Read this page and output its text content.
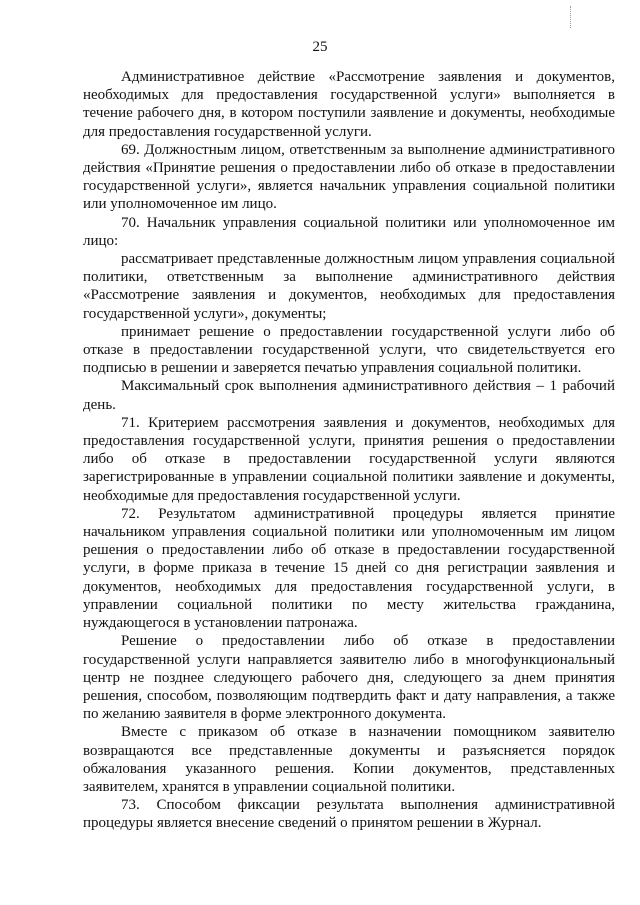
25

Административное действие «Рассмотрение заявления и документов, необходимых для предоставления государственной услуги» выполняется в течение рабочего дня, в котором поступили заявление и документы, необходимые для предоставления государственной услуги.

69. Должностным лицом, ответственным за выполнение административного действия «Принятие решения о предоставлении либо об отказе в предоставлении государственной услуги», является начальник управления социальной политики или уполномоченное им лицо.

70. Начальник управления социальной политики или уполномоченное им лицо:

рассматривает представленные должностным лицом управления социальной политики, ответственным за выполнение административного действия «Рассмотрение заявления и документов, необходимых для предоставления государственной услуги», документы;

принимает решение о предоставлении государственной услуги либо об отказе в предоставлении государственной услуги, что свидетельствуется его подписью в решении и заверяется печатью управления социальной политики.

Максимальный срок выполнения административного действия – 1 рабочий день.

71. Критерием рассмотрения заявления и документов, необходимых для предоставления государственной услуги, принятия решения о предоставлении либо об отказе в предоставлении государственной услуги являются зарегистрированные в управлении социальной политики заявление и документы, необходимые для предоставления государственной услуги.

72. Результатом административной процедуры является принятие начальником управления социальной политики или уполномоченным им лицом решения о предоставлении либо об отказе в предоставлении государственной услуги, в форме приказа в течение 15 дней со дня регистрации заявления и документов, необходимых для предоставления государственной услуги, в управлении социальной политики по месту жительства гражданина, нуждающегося в установлении патронажа.

Решение о предоставлении либо об отказе в предоставлении государственной услуги направляется заявителю либо в многофункциональный центр не позднее следующего рабочего дня, следующего за днем принятия решения, способом, позволяющим подтвердить факт и дату направления, а также по желанию заявителя в форме электронного документа.

Вместе с приказом об отказе в назначении помощником заявителю возвращаются все представленные документы и разъясняется порядок обжалования указанного решения. Копии документов, представленных заявителем, хранятся в управлении социальной политики.

73. Способом фиксации результата выполнения административной процедуры является внесение сведений о принятом решении в Журнал.
